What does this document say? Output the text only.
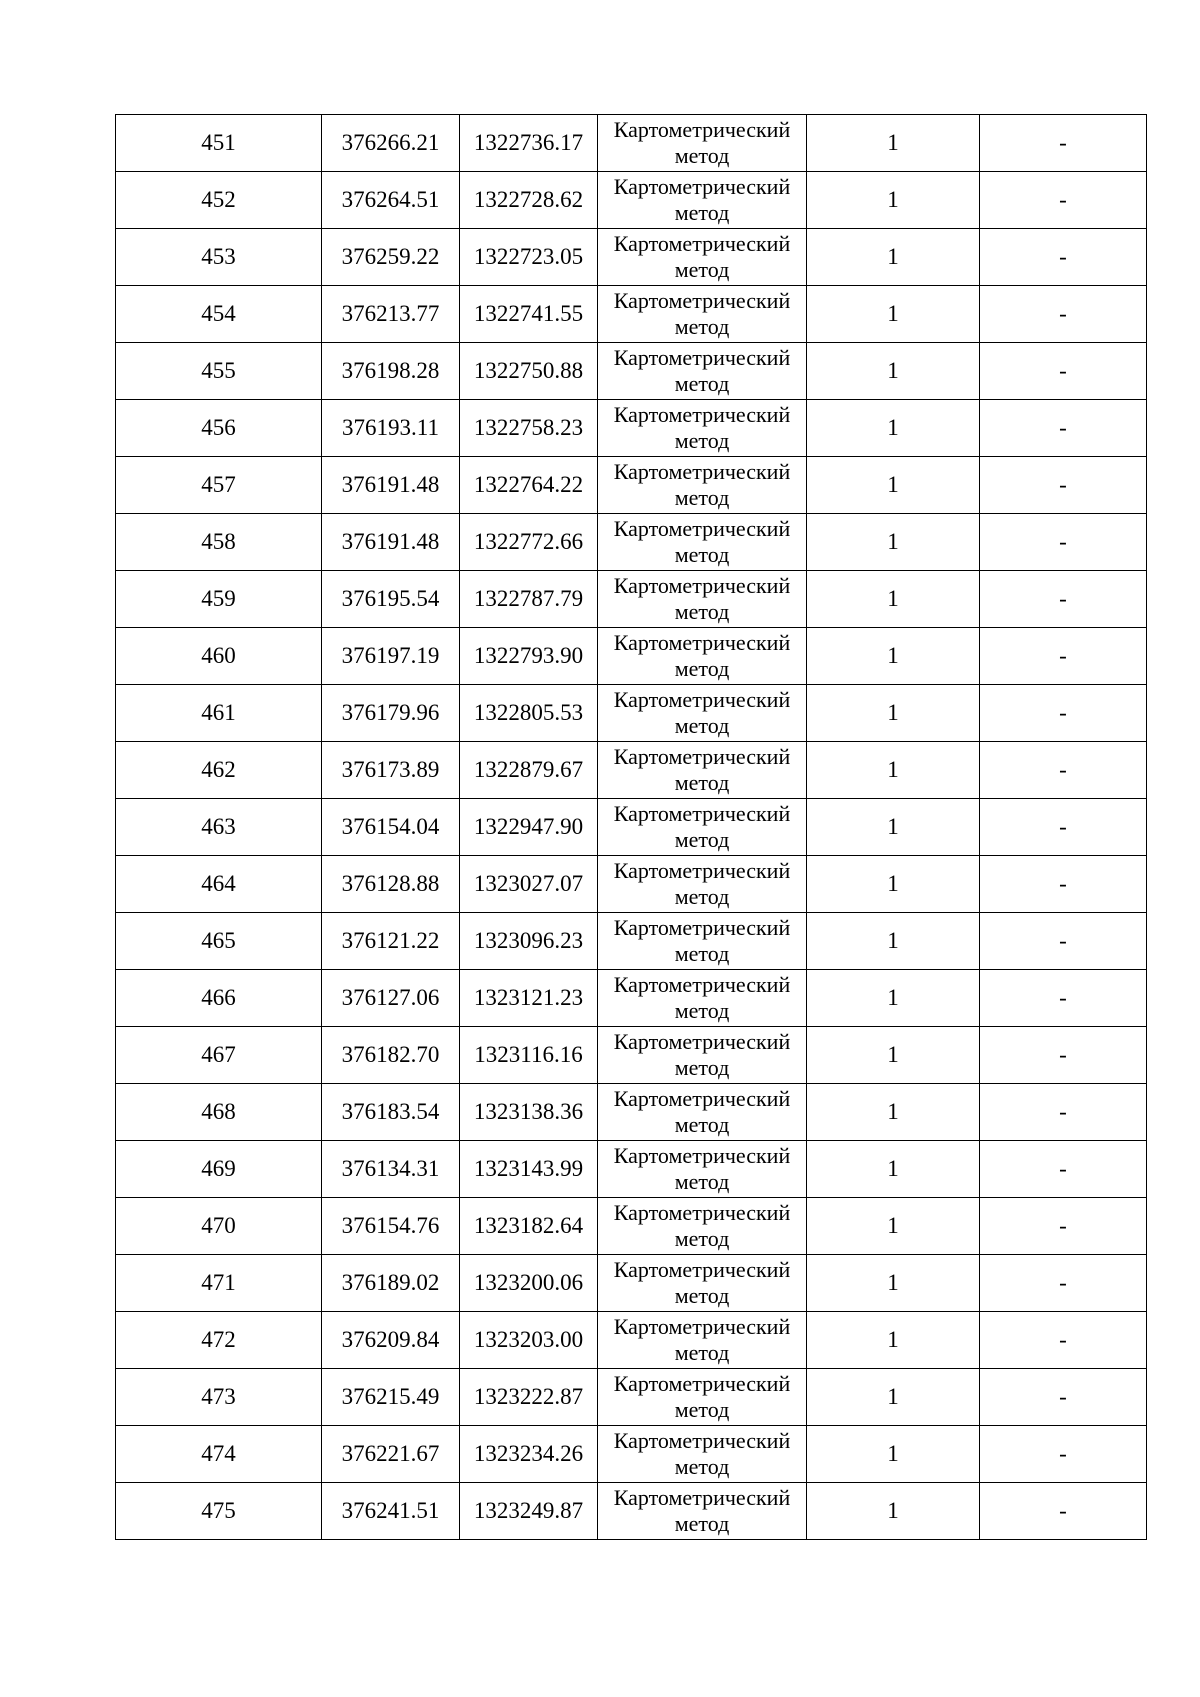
451	376266.21	1322736.17	Картометрический метод	1	-
452	376264.51	1322728.62	Картометрический метод	1	-
453	376259.22	1322723.05	Картометрический метод	1	-
454	376213.77	1322741.55	Картометрический метод	1	-
455	376198.28	1322750.88	Картометрический метод	1	-
456	376193.11	1322758.23	Картометрический метод	1	-
457	376191.48	1322764.22	Картометрический метод	1	-
458	376191.48	1322772.66	Картометрический метод	1	-
459	376195.54	1322787.79	Картометрический метод	1	-
460	376197.19	1322793.90	Картометрический метод	1	-
461	376179.96	1322805.53	Картометрический метод	1	-
462	376173.89	1322879.67	Картометрический метод	1	-
463	376154.04	1322947.90	Картометрический метод	1	-
464	376128.88	1323027.07	Картометрический метод	1	-
465	376121.22	1323096.23	Картометрический метод	1	-
466	376127.06	1323121.23	Картометрический метод	1	-
467	376182.70	1323116.16	Картометрический метод	1	-
468	376183.54	1323138.36	Картометрический метод	1	-
469	376134.31	1323143.99	Картометрический метод	1	-
470	376154.76	1323182.64	Картометрический метод	1	-
471	376189.02	1323200.06	Картометрический метод	1	-
472	376209.84	1323203.00	Картометрический метод	1	-
473	376215.49	1323222.87	Картометрический метод	1	-
474	376221.67	1323234.26	Картометрический метод	1	-
475	376241.51	1323249.87	Картометрический метод	1	-
